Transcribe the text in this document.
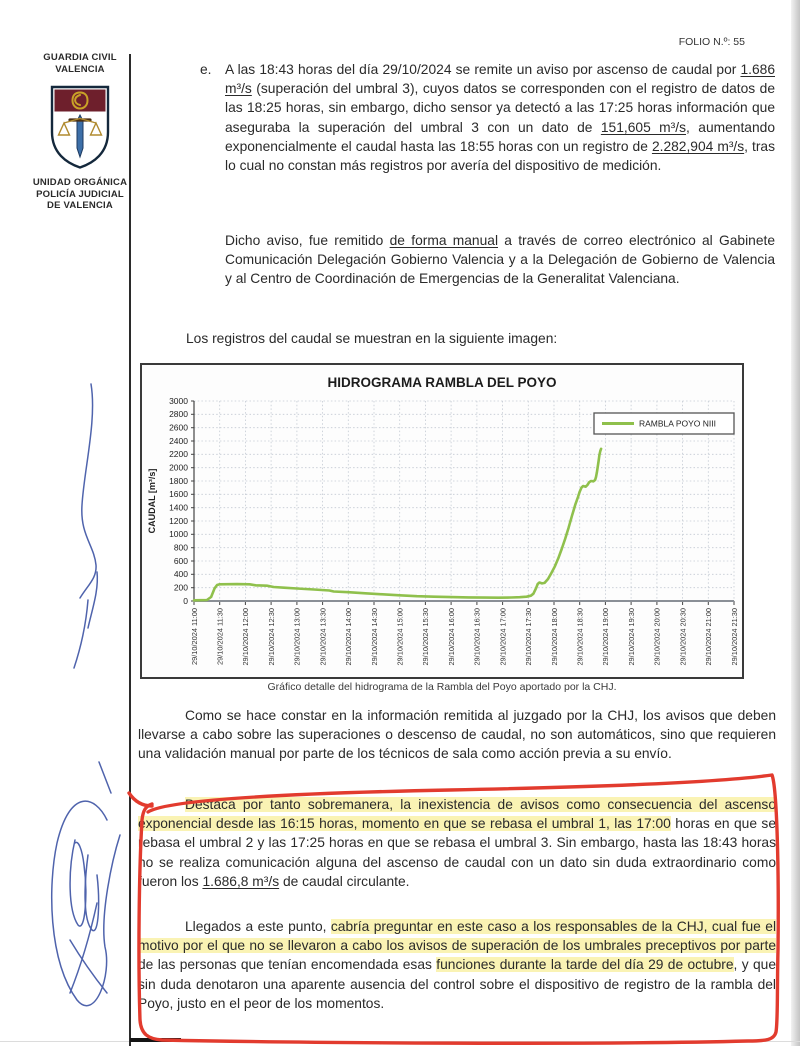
FOLIO N.º: 55
GUARDIA CIVIL
VALENCIA
UNIDAD ORGÁNICA
POLICÍA JUDICIAL
DE VALENCIA
e. A las 18:43 horas del día 29/10/2024 se remite un aviso por ascenso de caudal por 1.686 m³/s (superación del umbral 3), cuyos datos se corresponden con el registro de datos de las 18:25 horas, sin embargo, dicho sensor ya detectó a las 17:25 horas información que aseguraba la superación del umbral 3 con un dato de 151,605 m³/s, aumentando exponencialmente el caudal hasta las 18:55 horas con un registro de 2.282,904 m³/s, tras lo cual no constan más registros por avería del dispositivo de medición.
Dicho aviso, fue remitido de forma manual a través de correo electrónico al Gabinete Comunicación Delegación Gobierno Valencia y a la Delegación de Gobierno de Valencia y al Centro de Coordinación de Emergencias de la Generalitat Valenciana.
Los registros del caudal se muestran en la siguiente imagen:
0
200
400
600
800
1000
1200
1400
1600
1800
2000
2200
2400
2600
2800
3000
29/10/2024 11:00 29/10/2024 11:30 29/10/2024 12:00 29/10/2024 12:30 29/10/2024 13:00 29/10/2024 13:30 29/10/2024 14:00 29/10/2024 14:30 29/10/2024 15:00 29/10/2024 15:30 29/10/2024 16:00 29/10/2024 16:30 29/10/2024 17:00 29/10/2024 17:30 29/10/2024 18:00 29/10/2024 18:30 29/10/2024 19:00 29/10/2024 19:30 29/10/2024 20:00 29/10/2024 20:30 29/10/2024 21:00 29/10/2024 21:30
RAMBLA POYO NIII
HIDROGRAMA RAMBLA DEL POYO
CAUDAL [m³/s]
Gráfico detalle del hidrograma de la Rambla del Poyo aportado por la CHJ.
Como se hace constar en la información remitida al juzgado por la CHJ, los avisos que deben llevarse a cabo sobre las superaciones o descenso de caudal, no son automáticos, sino que requieren una validación manual por parte de los técnicos de sala como acción previa a su envío.
Destaca por tanto sobremanera, la inexistencia de avisos como consecuencia del ascenso exponencial desde las 16:15 horas, momento en que se rebasa el umbral 1, las 17:00 horas en que se rebasa el umbral 2 y las 17:25 horas en que se rebasa el umbral 3. Sin embargo, hasta las 18:43 horas no se realiza comunicación alguna del ascenso de caudal con un dato sin duda extraordinario como fueron los 1.686,8 m³/s de caudal circulante.
Llegados a este punto, cabría preguntar en este caso a los responsables de la CHJ, cual fue el motivo por el que no se llevaron a cabo los avisos de superación de los umbrales preceptivos por parte de las personas que tenían encomendada esas funciones durante la tarde del día 29 de octubre, y que sin duda denotaron una aparente ausencia del control sobre el dispositivo de registro de la rambla del Poyo, justo en el peor de los momentos.
